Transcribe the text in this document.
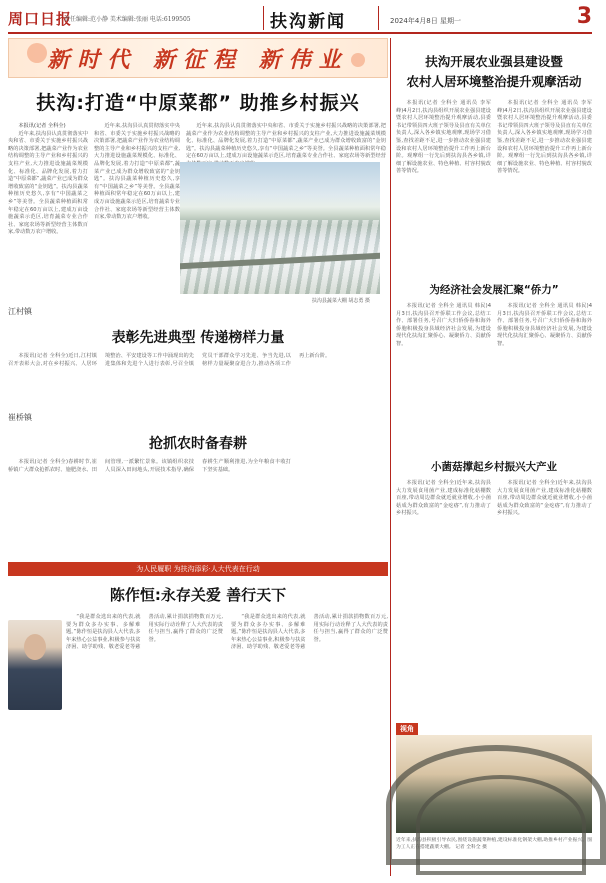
周口日报
责任编辑:范小静 美术编辑:张丽 电话:6199505	扶沟新闻	2024年4月8日 星期一	3
新时代 新征程 新伟业
扶沟:打造“中原菜都” 助推乡村振兴

本报讯(记者 全科全)

近年来,扶沟县认真贯彻落实中央和省、市委关于实施乡村振兴战略的决策部署,把蔬菜产业作为农业结构调整的主导产业和乡村振兴的支柱产业,大力推进设施蔬菜规模化、标准化、品牌化发展,着力打造“中原菜都”,蔬菜产业已成为群众增收致富的“金钥匙”。扶沟县蔬菜种植历史悠久,享有“中国蔬菜之乡”等美誉。全县蔬菜种植面积常年稳定在60万亩以上,建成万亩设施蔬菜示范区,培育蔬菜专业合作社、家庭农场等新型经营主体数百家,带动数万农户增收。

近年来,扶沟县认真贯彻落实中央和省、市委关于实施乡村振兴战略的决策部署,把蔬菜产业作为农业结构调整的主导产业和乡村振兴的支柱产业,大力推进设施蔬菜规模化、标准化、品牌化发展,着力打造“中原菜都”,蔬菜产业已成为群众增收致富的“金钥匙”。扶沟县蔬菜种植历史悠久,享有“中国蔬菜之乡”等美誉。全县蔬菜种植面积常年稳定在60万亩以上,建成万亩设施蔬菜示范区,培育蔬菜专业合作社、家庭农场等新型经营主体数百家,带动数万农户增收。

近年来,扶沟县认真贯彻落实中央和省、市委关于实施乡村振兴战略的决策部署,把蔬菜产业作为农业结构调整的主导产业和乡村振兴的支柱产业,大力推进设施蔬菜规模化、标准化、品牌化发展,着力打造“中原菜都”,蔬菜产业已成为群众增收致富的“金钥匙”。扶沟县蔬菜种植历史悠久,享有“中国蔬菜之乡”等美誉。全县蔬菜种植面积常年稳定在60万亩以上,建成万亩设施蔬菜示范区,培育蔬菜专业合作社、家庭农场等新型经营

扶沟县蔬菜大棚 胡志勇 摄
江村镇
表彰先进典型 传递榜样力量

本报讯(记者 全科全)近日,江村镇召开表彰大会,对在乡村振兴、人居环境整治、平安建设等工作中涌现出的先进集体和先进个人进行表彰,号召全镇党员干部群众学习先进、争当先进,以榜样力量凝聚奋进合力,推动各项工作再上新台阶。

崔桥镇
抢抓农时备春耕

本报讯(记者 全科全)春耕时节,崔桥镇广大群众抢抓农时、施肥浇水、田间管理,一派繁忙景象。该镇组织农技人员深入田间地头,开展技术指导,确保春耕生产顺利推进,为全年粮食丰收打下坚实基础。

为人民履职 为扶沟添彩·人大代表在行动
陈作恒:永存关爱 善行天下

“我是群众选出来的代表,就要为群众多办实事、多解难题。”陈作恒是扶沟县人大代表,多年来热心公益事业,积极参与扶贫济困、助学助残、敬老爱老等慈善活动,累计捐款捐物数百万元,用实际行动诠释了人大代表的责任与担当,赢得了群众的广泛赞誉。

“我是群众选出来的代表,就要为群众多办实事、多解难题。”陈作恒是扶沟县人大代表,多年来热心公益事业,积极参与扶贫济困、助学助残、敬老爱老等慈善活动,累计捐款捐物数百万元,用实际行动诠释了人大代表的责任与担当,赢得了群众的广泛赞誉。

扶沟开展农业强县建设暨
农村人居环境整治提升观摩活动

本报讯(记者 全科全 通讯员 李军峰)4月2日,扶沟县组织开展农业强县建设暨农村人居环境整治提升观摩活动,县委书记带领县四大班子领导及县直有关单位负责人,深入各乡镇实地观摩,现场学习借鉴,查找差距不足,进一步推动农业强县建设和农村人居环境整治提升工作再上新台阶。观摩组一行先后到扶沟县各乡镇,详细了解设施农业、特色种植、村容村貌改善等情况。

本报讯(记者 全科全 通讯员 李军峰)4月2日,扶沟县组织开展农业强县建设暨农村人居环境整治提升观摩活动,县委书记带领县四大班子领导及县直有关单位负责人,深入各乡镇实地观摩,现场学习借鉴,查找差距不足,进一步推动农业强县建设和农村人居环境整治提升工作再上新台阶。观摩组一行先后到扶沟县各乡镇,详细了解设施农业、特色种植、村容村貌改善等情况。

为经济社会发展汇聚“侨力”

本报讯(记者 全科全 通讯员 韩民)4月3日,扶沟县召开侨联工作会议,总结工作、部署任务,号召广大归侨侨眷和海外侨胞积极投身县域经济社会发展,为建设现代化扶沟汇聚侨心、凝聚侨力、贡献侨智。

本报讯(记者 全科全 通讯员 韩民)4月3日,扶沟县召开侨联工作会议,总结工作、部署任务,号召广大归侨侨眷和海外侨胞积极投身县域经济社会发展,为建设现代化扶沟汇聚侨心、凝聚侨力、贡献侨智。

小菌菇撑起乡村振兴大产业

本报讯(记者 全科全)近年来,扶沟县大力发展食用菌产业,建成标准化菇棚数百座,带动周边群众就近就业增收,小小菌菇成为群众致富的“金疙瘩”,有力推动了乡村振兴。

本报讯(记者 全科全)近年来,扶沟县大力发展食用菌产业,建成标准化菇棚数百座,带动周边群众就近就业增收,小小菌菇成为群众致富的“金疙瘩”,有力推动了乡村振兴。

视角
近年来,扶沟县积极引导农民,围绕设施蔬菜种植,建设标准化钢架大棚,助推乡村产业振兴。图为工人正在搭建蔬菜大棚。 记者 全科全 摄
